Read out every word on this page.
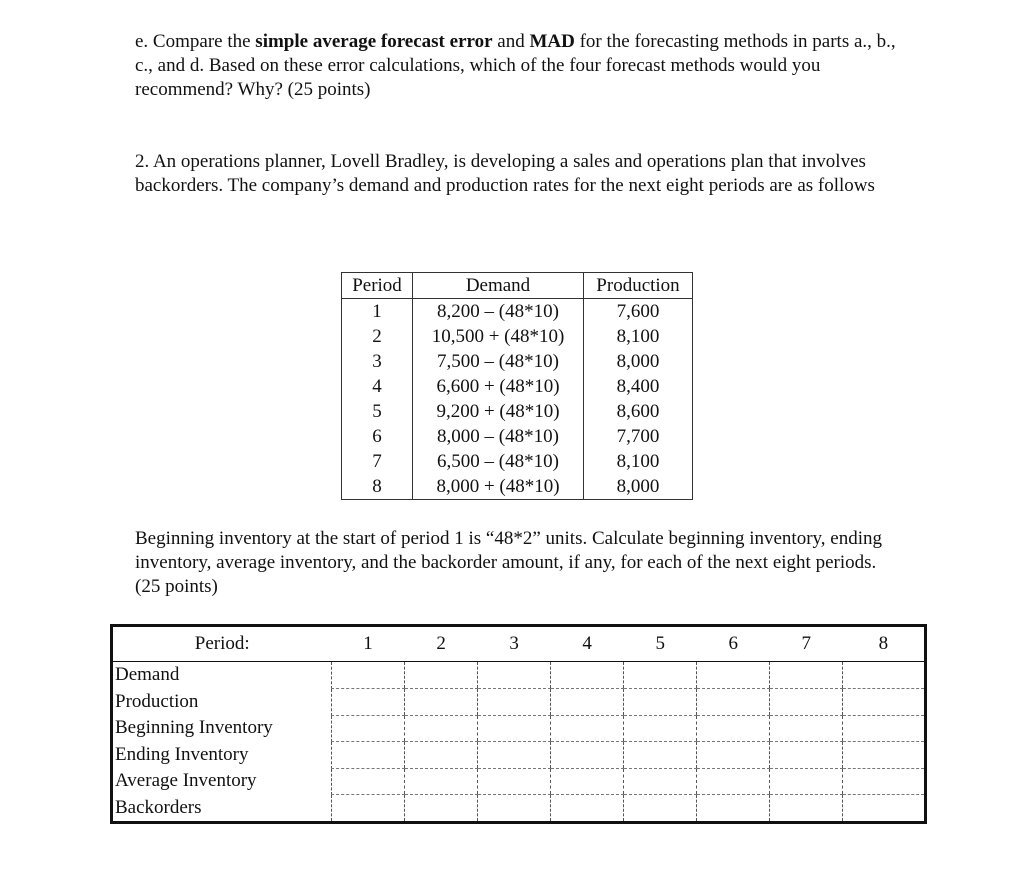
e. Compare the simple average forecast error and MAD for the forecasting methods in parts a., b., c., and d. Based on these error calculations, which of the four forecast methods would you recommend? Why? (25 points)
2. An operations planner, Lovell Bradley, is developing a sales and operations plan that involves backorders. The company’s demand and production rates for the next eight periods are as follows
Period	Demand	Production
1	8,200 – (48*10)	7,600
2	10,500 + (48*10)	8,100
3	7,500 – (48*10)	8,000
4	6,600 + (48*10)	8,400
5	9,200 + (48*10)	8,600
6	8,000 – (48*10)	7,700
7	6,500 – (48*10)	8,100
8	8,000 + (48*10)	8,000
Beginning inventory at the start of period 1 is “48*2” units. Calculate beginning inventory, ending inventory, average inventory, and the backorder amount, if any, for each of the next eight periods. (25 points)
Period:	1	2	3	4	5	6	7	8
Demand								
Production								
Beginning Inventory								
Ending Inventory								
Average Inventory								
Backorders								
